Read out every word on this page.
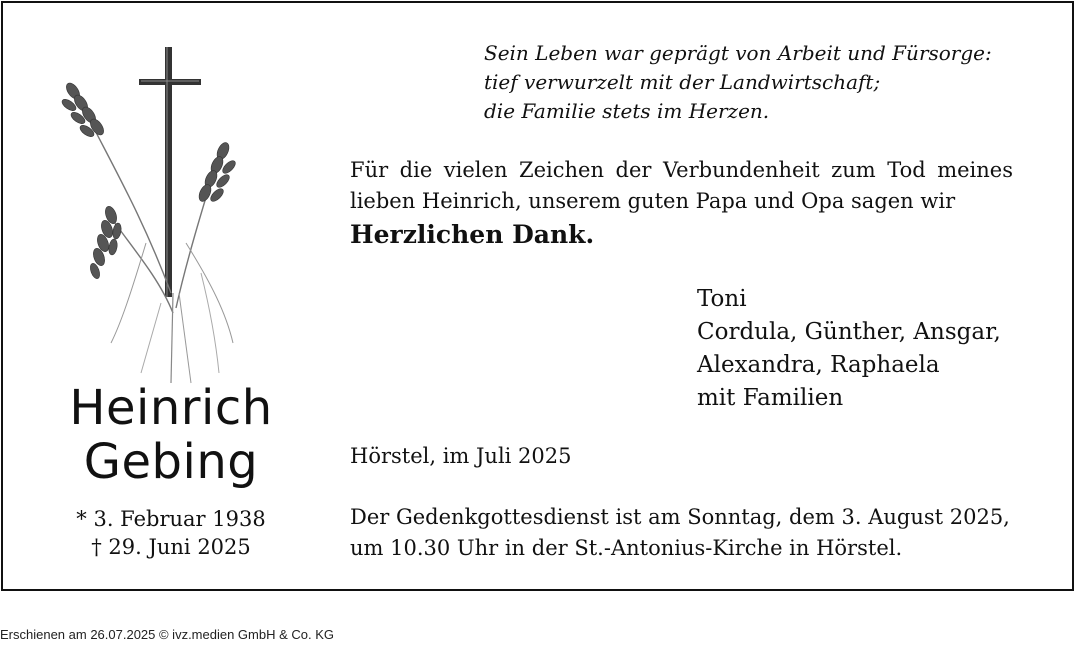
Sein Leben war geprägt von Arbeit und Fürsorge:
tief verwurzelt mit der Landwirtschaft;
die Familie stets im Herzen.
Für die vielen Zeichen der Verbundenheit zum Tod meines
lieben Heinrich, unserem guten Papa und Opa sagen wir
Herzlichen Dank.
Toni
Cordula, Günther, Ansgar,
Alexandra, Raphaela
mit Familien
Hörstel, im Juli 2025
Der Gedenkgottesdienst ist am Sonntag, dem 3. August 2025,
um 10.30 Uhr in der St.-Antonius-Kirche in Hörstel.
Heinrich
Gebing
* 3. Februar 1938
† 29. Juni 2025
Erschienen am 26.07.2025 © ivz.medien GmbH & Co. KG
